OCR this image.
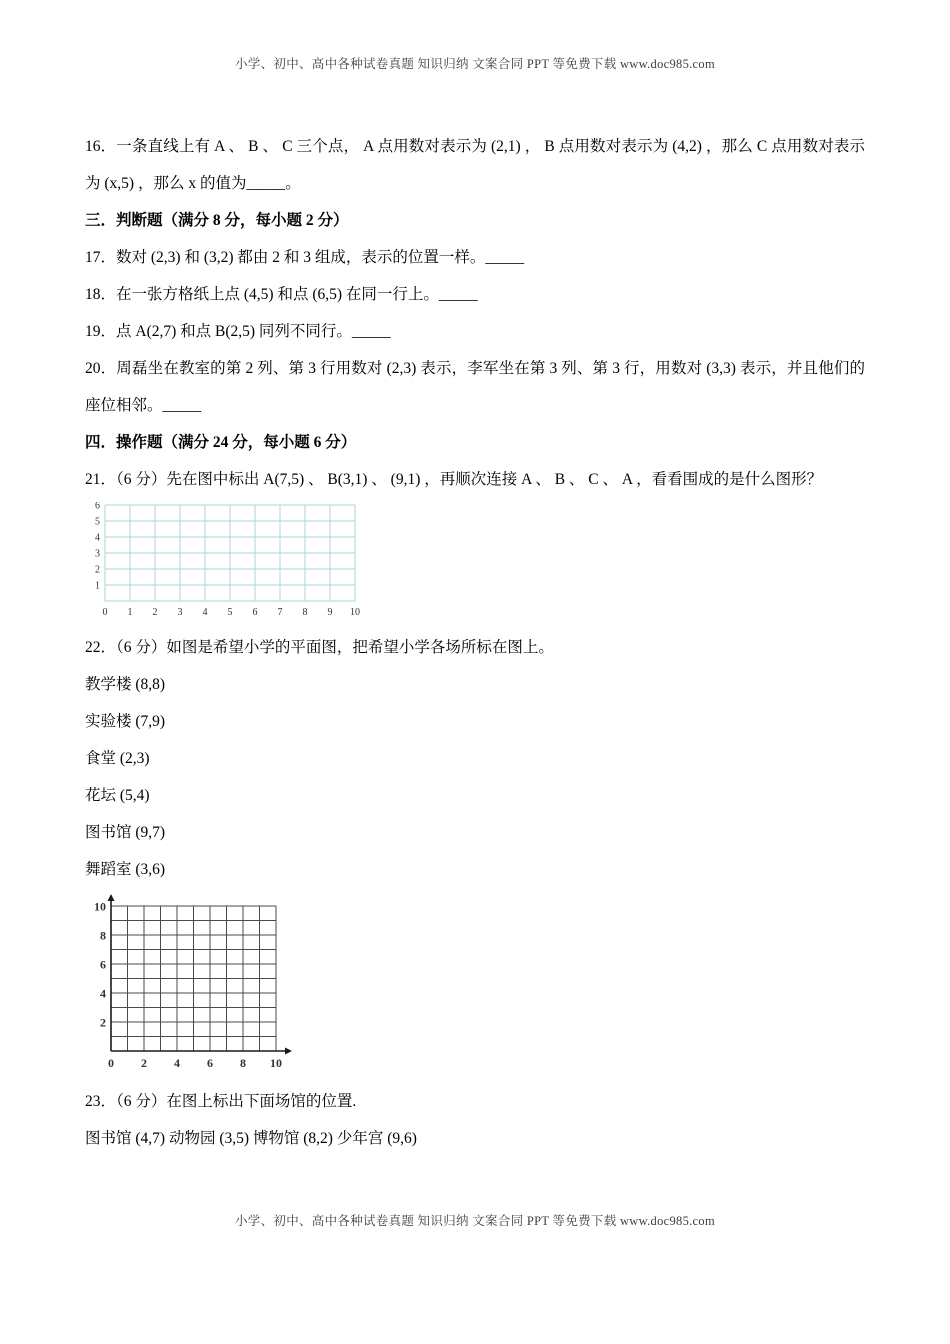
小学、初中、高中各种试卷真题 知识归纳 文案合同 PPT 等免费下载 www.doc985.com

16．一条直线上有 A 、 B 、 C 三个点， A 点用数对表示为 (2,1) ， B 点用数对表示为 (4,2) ，那么 C 点用数对表示为 (x,5) ，那么 x 的值为_____。

三．判断题（满分 8 分，每小题 2 分）

17．数对 (2,3) 和 (3,2) 都由 2 和 3 组成，表示的位置一样。_____

18．在一张方格纸上点 (4,5) 和点 (6,5) 在同一行上。_____

19．点 A(2,7) 和点 B(2,5) 同列不同行。_____

20．周磊坐在教室的第 2 列、第 3 行用数对 (2,3) 表示，李军坐在第 3 列、第 3 行，用数对 (3,3) 表示，并且他们的座位相邻。_____

四．操作题（满分 24 分，每小题 6 分）

21．（6 分）先在图中标出 A(7,5) 、 B(3,1) 、 (9,1) ，再顺次连接 A 、 B 、 C 、 A ，看看围成的是什么图形？

0 1 2 3 4 5 6 7 8 9 10
6
5
4
3
2
1

22．（6 分）如图是希望小学的平面图，把希望小学各场所标在图上。

教学楼 (8,8)

实验楼 (7,9)

食堂 (2,3)

花坛 (5,4)

图书馆 (9,7)

舞蹈室 (3,6)

0 2 4 6 8 10
10
8
6
4
2

23．（6 分）在图上标出下面场馆的位置.

图书馆 (4,7) 动物园 (3,5) 博物馆 (8,2) 少年宫 (9,6)

小学、初中、高中各种试卷真题 知识归纳 文案合同 PPT 等免费下载 www.doc985.com
